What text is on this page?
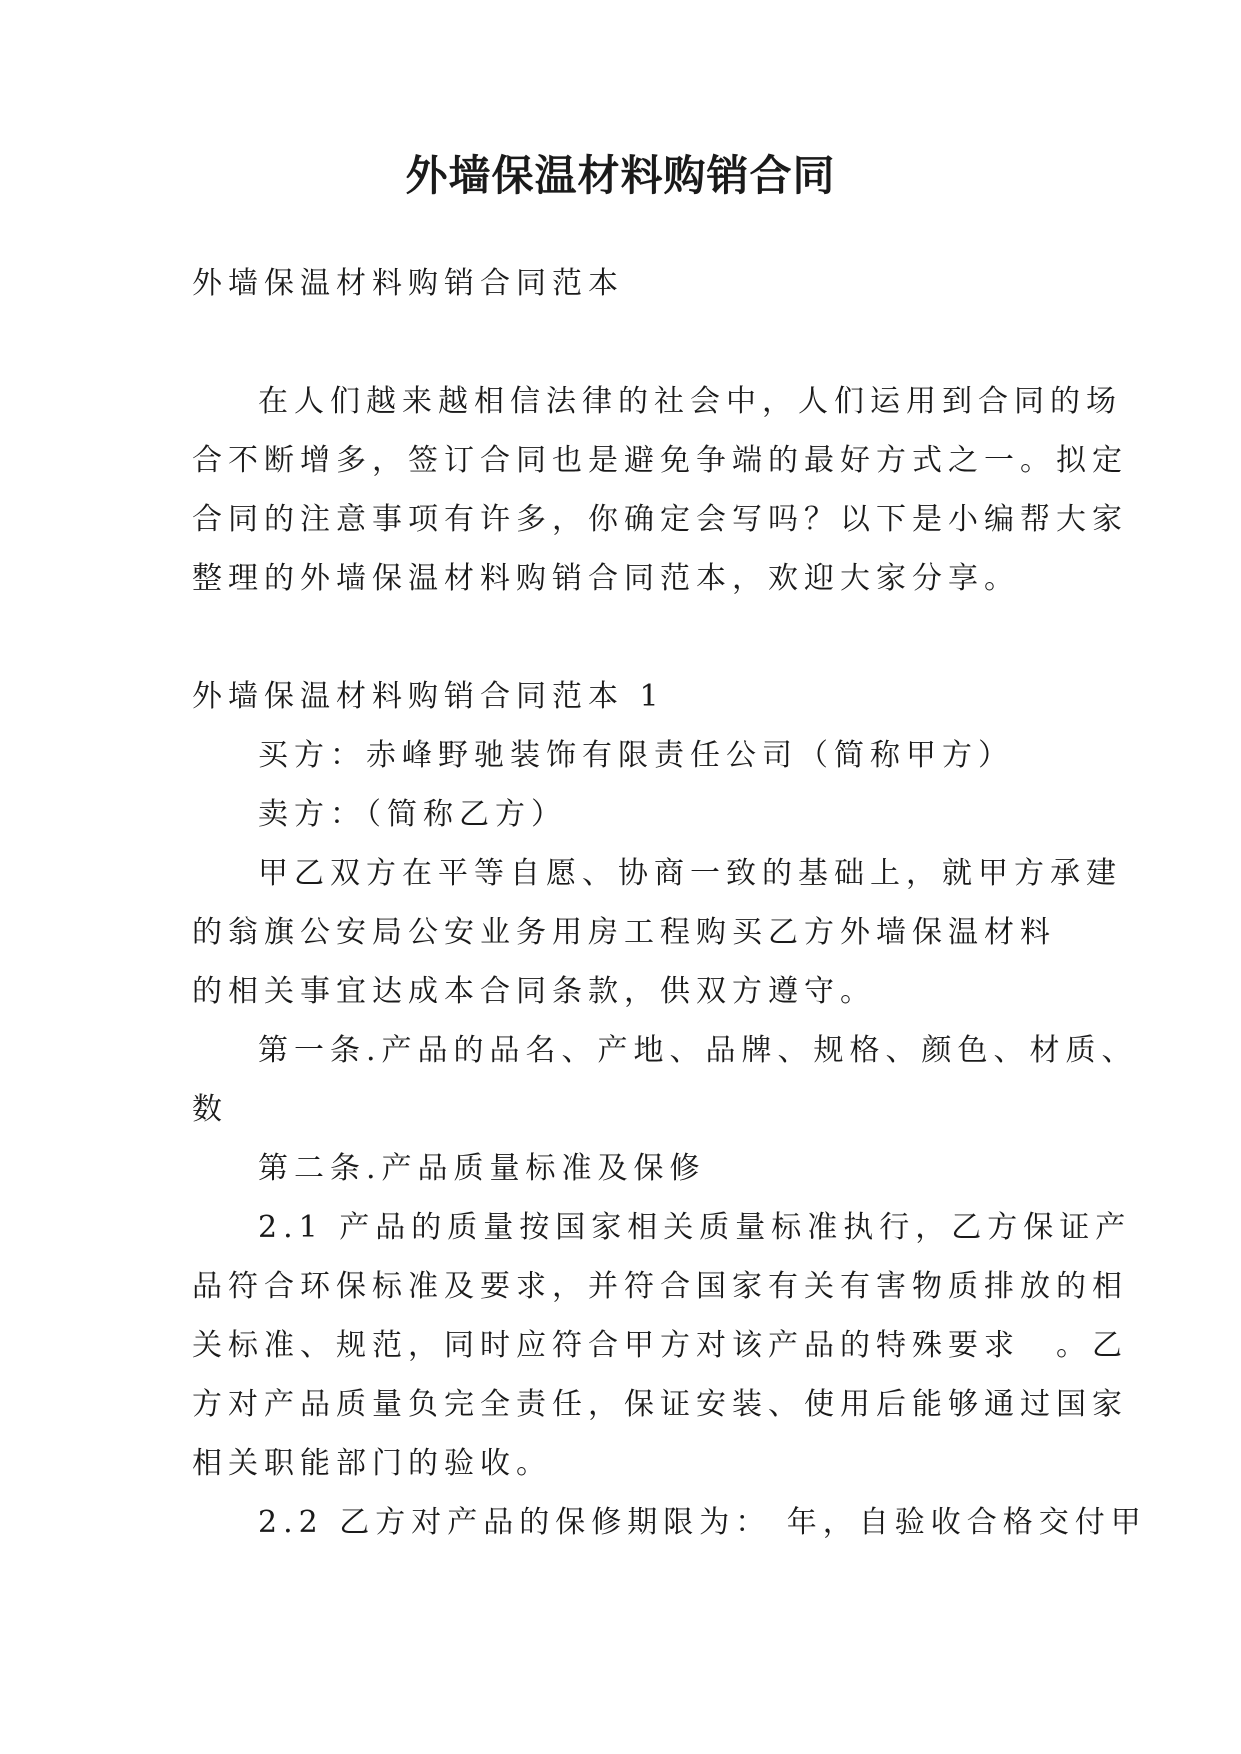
外墙保温材料购销合同
外墙保温材料购销合同范本
在人们越来越相信法律的社会中，人们运用到合同的场
合不断增多，签订合同也是避免争端的最好方式之一。拟定
合同的注意事项有许多，你确定会写吗？以下是小编帮大家
整理的外墙保温材料购销合同范本，欢迎大家分享。
外墙保温材料购销合同范本 1
买方：赤峰野驰装饰有限责任公司（简称甲方）
卖方：（简称乙方）
甲乙双方在平等自愿、协商一致的基础上，就甲方承建
的翁旗公安局公安业务用房工程购买乙方外墙保温材料
的相关事宜达成本合同条款，供双方遵守。
第一条.产品的品名、产地、品牌、规格、颜色、材质、
数
第二条.产品质量标准及保修
2.1 产品的质量按国家相关质量标准执行，乙方保证产
品符合环保标准及要求，并符合国家有关有害物质排放的相
关标准、规范，同时应符合甲方对该产品的特殊要求　。乙
方对产品质量负完全责任，保证安装、使用后能够通过国家
相关职能部门的验收。
2.2 乙方对产品的保修期限为： 年，自验收合格交付甲
